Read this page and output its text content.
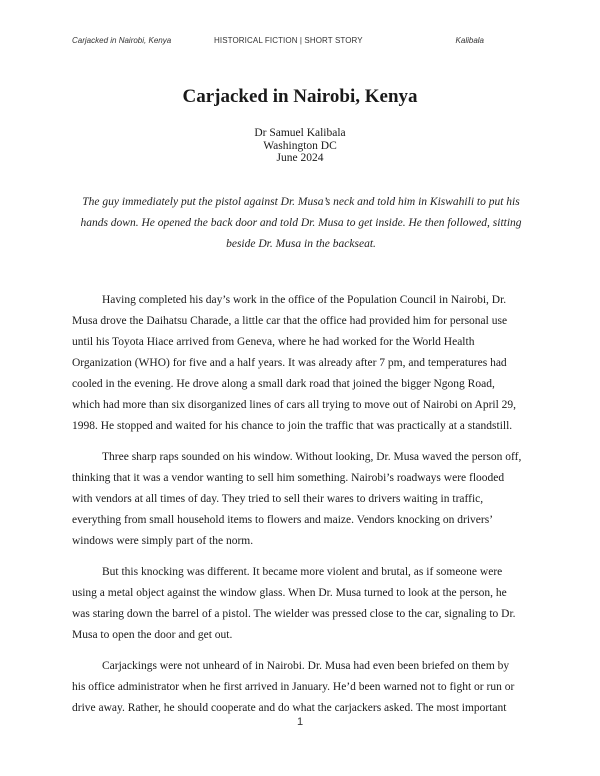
Carjacked in Nairobi, Kenya	HISTORICAL FICTION | SHORT STORY	Kalibala
Carjacked in Nairobi, Kenya
Dr Samuel Kalibala
Washington DC
June 2024

The guy immediately put the pistol against Dr. Musa’s neck and told him in Kiswahili to put his hands down. He opened the back door and told Dr. Musa to get inside. He then followed, sitting beside Dr. Musa in the backseat.

Having completed his day’s work in the office of the Population Council in Nairobi, Dr. Musa drove the Daihatsu Charade, a little car that the office had provided him for personal use until his Toyota Hiace arrived from Geneva, where he had worked for the World Health Organization (WHO) for five and a half years. It was already after 7 pm, and temperatures had cooled in the evening. He drove along a small dark road that joined the bigger Ngong Road, which had more than six disorganized lines of cars all trying to move out of Nairobi on April 29, 1998. He stopped and waited for his chance to join the traffic that was practically at a standstill.

Three sharp raps sounded on his window. Without looking, Dr. Musa waved the person off, thinking that it was a vendor wanting to sell him something. Nairobi’s roadways were flooded with vendors at all times of day. They tried to sell their wares to drivers waiting in traffic, everything from small household items to flowers and maize. Vendors knocking on drivers’ windows were simply part of the norm.

But this knocking was different. It became more violent and brutal, as if someone were using a metal object against the window glass. When Dr. Musa turned to look at the person, he was staring down the barrel of a pistol. The wielder was pressed close to the car, signaling to Dr. Musa to open the door and get out.

Carjackings were not unheard of in Nairobi. Dr. Musa had even been briefed on them by his office administrator when he first arrived in January. He’d been warned not to fight or run or drive away. Rather, he should cooperate and do what the carjackers asked. The most important

1
